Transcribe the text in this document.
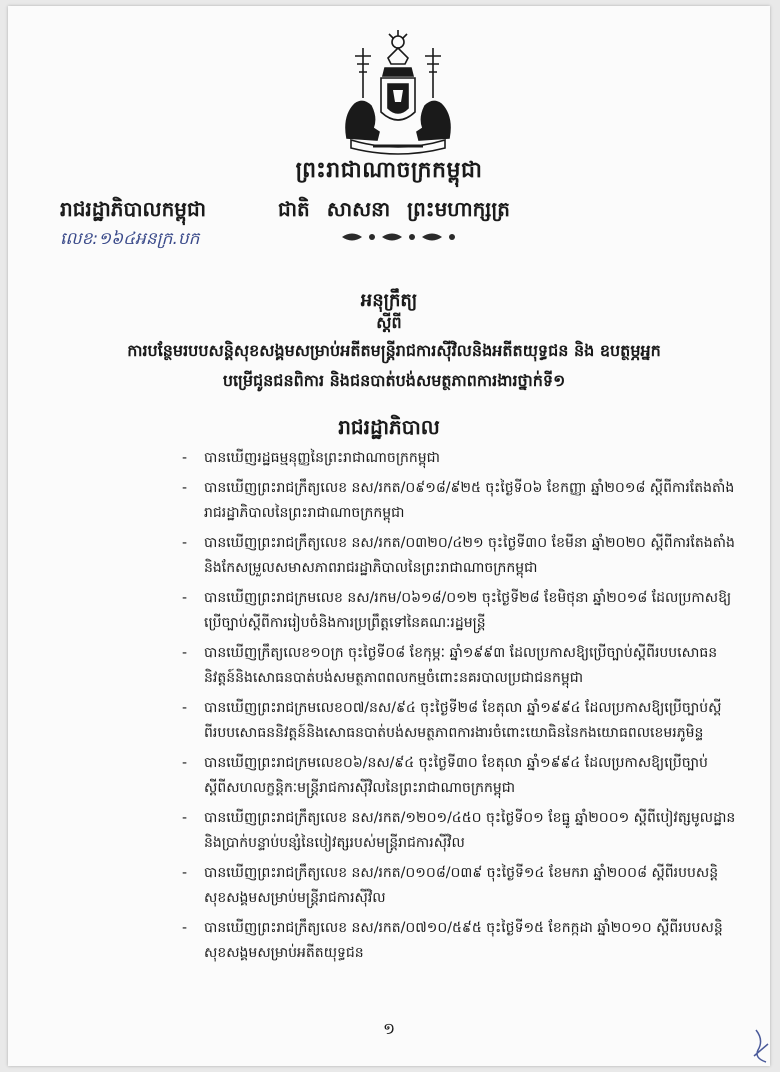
ព្រះរាជាណាចក្រកម្ពុជា
រាជរដ្ឋាភិបាលកម្ពុជា	ជាតិ សាសនា ព្រះមហាក្សត្រ
លេខ:១៦៤អនក្រ.បក
អនុក្រឹត្យ
ស្តីពី
ការបន្ថែមរបបសន្តិសុខសង្គមសម្រាប់អតីតមន្ត្រីរាជការស៊ីវិលនិងអតីតយុទ្ធជន និង ឧបត្ថម្ភអ្នកបម្រើជូនជនពិការ និងជនបាត់បង់សមត្ថភាពការងារថ្នាក់ទី១
រាជរដ្ឋាភិបាល
- បានឃើញរដ្ឋធម្មនុញ្ញនៃព្រះរាជាណាចក្រកម្ពុជា
- បានឃើញព្រះរាជក្រឹត្យលេខ នស/រកត/០៩១៨/៩២៥ ចុះថ្ងៃទី០៦ ខែកញ្ញា ឆ្នាំ២០១៨ ស្តីពីការតែងតាំងរាជរដ្ឋាភិបាលនៃព្រះរាជាណាចក្រកម្ពុជា
- បានឃើញព្រះរាជក្រឹត្យលេខ នស/រកត/០៣២០/៤២១ ចុះថ្ងៃទី៣០ ខែមីនា ឆ្នាំ២០២០ ស្តីពីការតែងតាំងនិងកែសម្រួលសមាសភាពរាជរដ្ឋាភិបាលនៃព្រះរាជាណាចក្រកម្ពុជា
- បានឃើញព្រះរាជក្រមលេខ នស/រកម/០៦១៨/០១២ ចុះថ្ងៃទី២៨ ខែមិថុនា ឆ្នាំ២០១៨ ដែលប្រកាសឱ្យប្រើច្បាប់ស្តីពីការរៀបចំនិងការប្រព្រឹត្តទៅនៃគណៈរដ្ឋមន្ត្រី
- បានឃើញក្រឹត្យលេខ១០ក្រ ចុះថ្ងៃទី០៨ ខែកុម្ភៈ ឆ្នាំ១៩៩៣ ដែលប្រកាសឱ្យប្រើច្បាប់ស្តីពីរបបសោធននិវត្តន៍និងសោធនបាត់បង់សមត្ថភាពពលកម្មចំពោះនគរបាលប្រជាជនកម្ពុជា
- បានឃើញព្រះរាជក្រមលេខ០៧/នស/៩៤ ចុះថ្ងៃទី២៨ ខែតុលា ឆ្នាំ១៩៩៤ ដែលប្រកាសឱ្យប្រើច្បាប់ស្តីពីរបបសោធននិវត្តន៍និងសោធនបាត់បង់សមត្ថភាពការងារចំពោះយោធិននៃកងយោធពលខេមរភូមិន្ទ
- បានឃើញព្រះរាជក្រមលេខ០៦/នស/៩៤ ចុះថ្ងៃទី៣០ ខែតុលា ឆ្នាំ១៩៩៤ ដែលប្រកាសឱ្យប្រើច្បាប់ស្តីពីសហលក្ខន្តិកៈមន្ត្រីរាជការស៊ីវិលនៃព្រះរាជាណាចក្រកម្ពុជា
- បានឃើញព្រះរាជក្រឹត្យលេខ នស/រកត/១២០១/៤៥០ ចុះថ្ងៃទី០១ ខែធ្នូ ឆ្នាំ២០០១ ស្តីពីបៀវត្សមូលដ្ឋាននិងប្រាក់បន្ទាប់បន្សំនៃបៀវត្សរបស់មន្ត្រីរាជការស៊ីវិល
- បានឃើញព្រះរាជក្រឹត្យលេខ នស/រកត/០១០៨/០៣៩ ចុះថ្ងៃទី១៤ ខែមករា ឆ្នាំ២០០៨ ស្តីពីរបបសន្តិសុខសង្គមសម្រាប់មន្ត្រីរាជការស៊ីវិល
- បានឃើញព្រះរាជក្រឹត្យលេខ នស/រកត/០៧១០/៥៩៥ ចុះថ្ងៃទី១៥ ខែកក្កដា ឆ្នាំ២០១០ ស្តីពីរបបសន្តិសុខសង្គមសម្រាប់អតីតយុទ្ធជន
១
